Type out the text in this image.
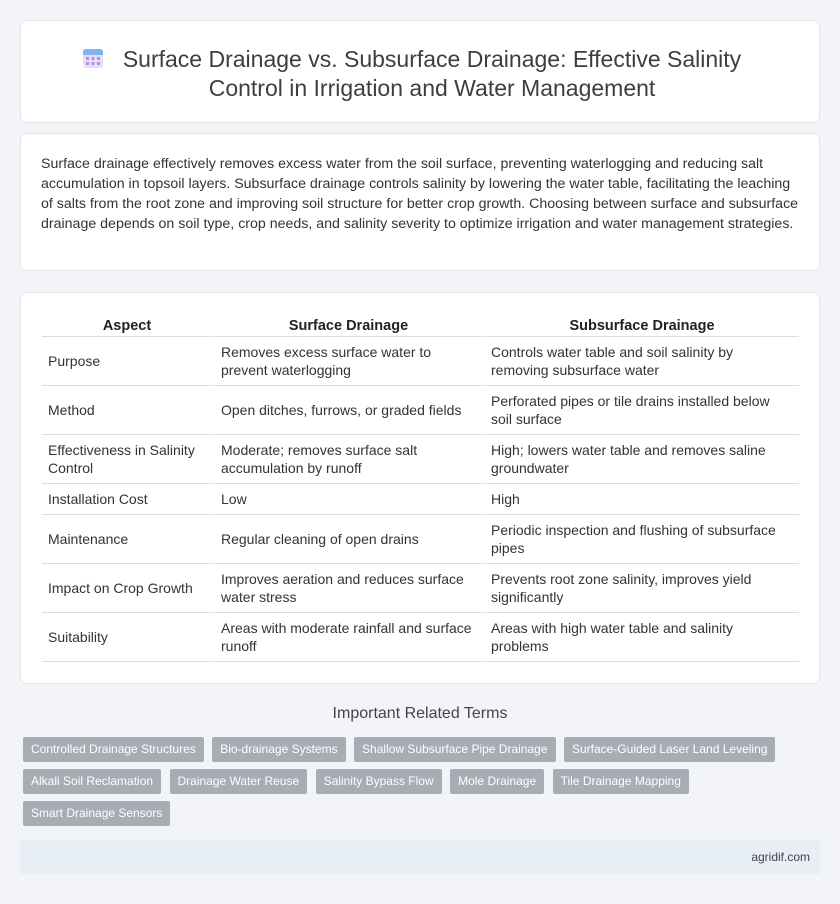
Surface Drainage vs. Subsurface Drainage: Effective Salinity Control in Irrigation and Water Management

Surface drainage effectively removes excess water from the soil surface, preventing waterlogging and reducing salt accumulation in topsoil layers. Subsurface drainage controls salinity by lowering the water table, facilitating the leaching of salts from the root zone and improving soil structure for better crop growth. Choosing between surface and subsurface drainage depends on soil type, crop needs, and salinity severity to optimize irrigation and water management strategies.

Aspect	Surface Drainage	Subsurface Drainage
Purpose	Removes excess surface water to prevent waterlogging	Controls water table and soil salinity by removing subsurface water
Method	Open ditches, furrows, or graded fields	Perforated pipes or tile drains installed below soil surface
Effectiveness in Salinity Control	Moderate; removes surface salt accumulation by runoff	High; lowers water table and removes saline groundwater
Installation Cost	Low	High
Maintenance	Regular cleaning of open drains	Periodic inspection and flushing of subsurface pipes
Impact on Crop Growth	Improves aeration and reduces surface water stress	Prevents root zone salinity, improves yield significantly
Suitability	Areas with moderate rainfall and surface runoff	Areas with high water table and salinity problems
Important Related Terms
Controlled Drainage Structures Bio-drainage Systems Shallow Subsurface Pipe Drainage Surface-Guided Laser Land Leveling Alkali Soil Reclamation Drainage Water Reuse Salinity Bypass Flow Mole Drainage Tile Drainage Mapping Smart Drainage Sensors
agridif.com
